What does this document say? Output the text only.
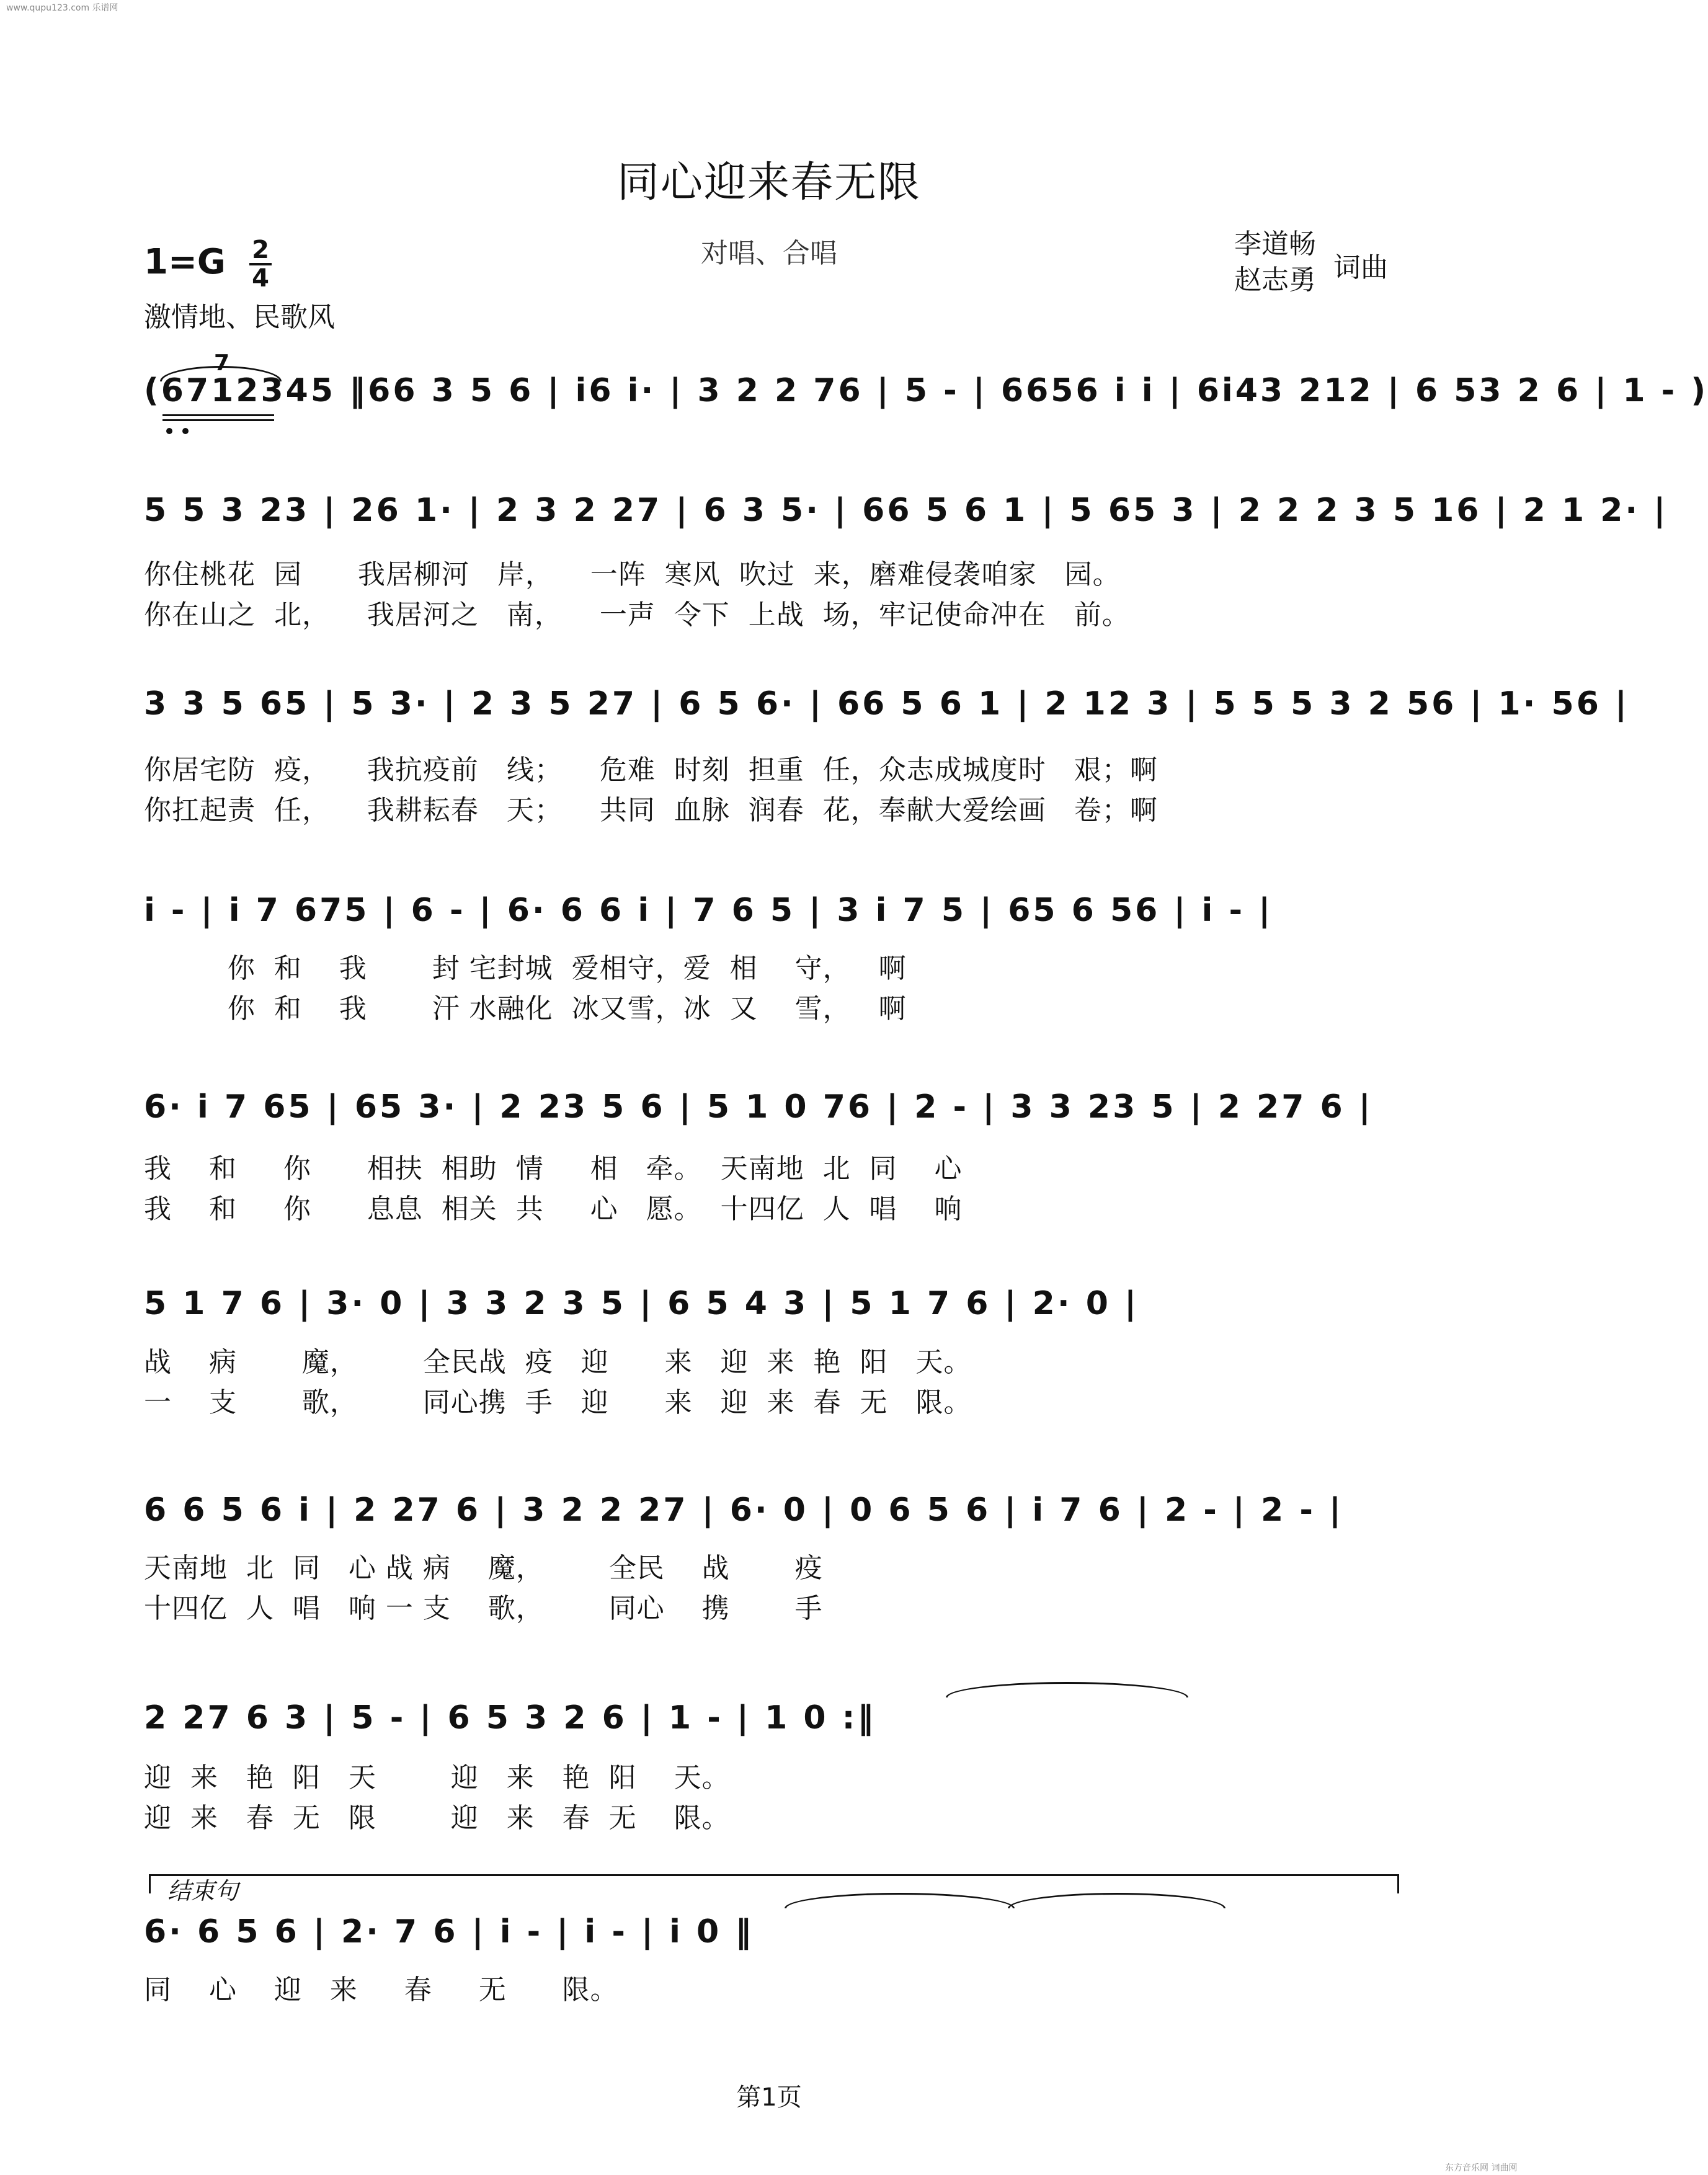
www.qupu123.com 乐谱网
同心迎来春无限
对唱、合唱
1=G 2
4
激情地、民歌风
李道畅
赵志勇 词曲
7
(6712345 ‖66 3 5 6 | i6 i· | 3 2 2 76 | 5 - | 6656 i i | 6i43 212 | 6 53 2 6 | 1 - )
5 5 3 23 | 26 1· | 2 3 2 27 | 6 3 5· | 66 5 6 1 | 5 65 3 | 2 2 2 3 5 16 | 2 1 2· |
你住桃花  园      我居柳河   岸，    一阵  寒风  吹过  来，磨难侵袭咱家   园。
你在山之  北，    我居河之   南，    一声  令下  上战  场，牢记使命冲在   前。
3 3 5 65 | 5 3· | 2 3 5 27 | 6 5 6· | 66 5 6 1 | 2 12 3 | 5 5 5 3 2 56 | 1· 56 |
你居宅防  疫，    我抗疫前   线；    危难  时刻  担重  任，众志成城度时   艰；啊
你扛起责  任，    我耕耘春   天；    共同  血脉  润春  花，奉献大爱绘画   卷；啊
i - | i 7 675 | 6 - | 6· 6 6 i | 7 6 5 | 3 i 7 5 | 65 6 56 | i - |
你  和    我       封 宅封城  爱相守，爱  相    守，   啊
你  和    我       汗 水融化  冰又雪，冰  又    雪，   啊
6· i 7 65 | 65 3· | 2 23 5 6 | 5 1 0 76 | 2 - | 3 3 23 5 | 2 27 6 |
我    和     你      相扶  相助  情     相   牵。  天南地  北  同    心
我    和     你      息息  相关  共     心   愿。  十四亿  人  唱    响
5 1 7 6 | 3· 0 | 3 3 2 3 5 | 6 5 4 3 | 5 1 7 6 | 2· 0 |
战    病       魔，       全民战  疫   迎      来   迎  来  艳  阳   天。
一    支       歌，       同心携  手   迎      来   迎  来  春  无   限。
6 6 5 6 i | 2 27 6 | 3 2 2 27 | 6· 0 | 0 6 5 6 | i 7 6 | 2 - | 2 - |
天南地  北  同   心 战 病    魔，       全民    战       疫
十四亿  人  唱   响 一 支    歌，       同心    携       手
2 27 6 3 | 5 - | 6 5 3 2 6 | 1 - | 1 0 :‖
迎  来   艳  阳   天        迎   来   艳  阳    天。
迎  来   春  无   限        迎   来   春  无    限。
结束句
6· 6 5 6 | 2· 7 6 | i - | i - | i 0 ‖
同    心    迎   来     春     无      限。
第1页
东方音乐网 词曲网
